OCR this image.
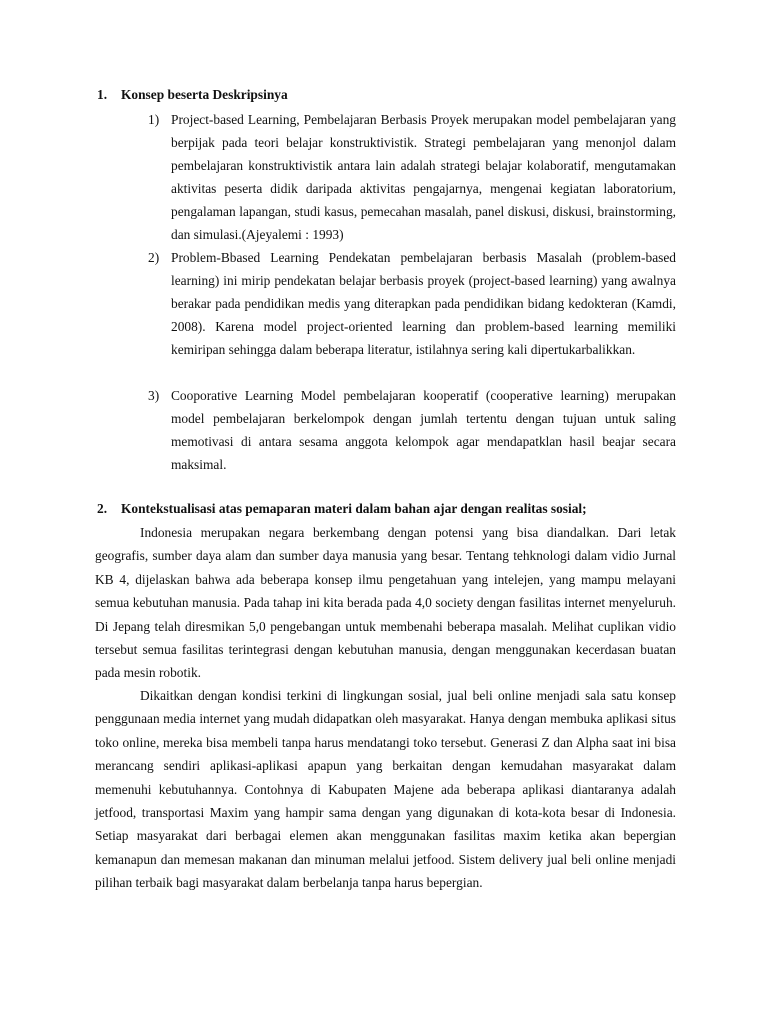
1. Konsep beserta Deskripsinya
1) Project-based Learning, Pembelajaran Berbasis Proyek merupakan model pembelajaran yang berpijak pada teori belajar konstruktivistik. Strategi pembelajaran yang menonjol dalam pembelajaran konstruktivistik antara lain adalah strategi belajar kolaboratif, mengutamakan aktivitas peserta didik daripada aktivitas pengajarnya, mengenai kegiatan laboratorium, pengalaman lapangan, studi kasus, pemecahan masalah, panel diskusi, diskusi, brainstorming, dan simulasi.(Ajeyalemi : 1993)
2) Problem-Bbased Learning Pendekatan pembelajaran berbasis Masalah (problem-based learning) ini mirip pendekatan belajar berbasis proyek (project-based learning) yang awalnya berakar pada pendidikan medis yang diterapkan pada pendidikan bidang kedokteran (Kamdi, 2008). Karena model project-oriented learning dan problem-based learning memiliki kemiripan sehingga dalam beberapa literatur, istilahnya sering kali dipertukarbalikkan.
3) Cooporative Learning Model pembelajaran kooperatif (cooperative learning) merupakan model pembelajaran berkelompok dengan jumlah tertentu dengan tujuan untuk saling memotivasi di antara sesama anggota kelompok agar mendapatklan hasil beajar secara maksimal.
2. Kontekstualisasi atas pemaparan materi dalam bahan ajar dengan realitas sosial;

Indonesia merupakan negara berkembang dengan potensi yang bisa diandalkan. Dari letak geografis, sumber daya alam dan sumber daya manusia yang besar. Tentang tehknologi dalam vidio Jurnal KB 4, dijelaskan bahwa ada beberapa konsep ilmu pengetahuan yang intelejen, yang mampu melayani semua kebutuhan manusia. Pada tahap ini kita berada pada 4,0 society dengan fasilitas internet menyeluruh. Di Jepang telah diresmikan 5,0 pengebangan untuk membenahi beberapa masalah. Melihat cuplikan vidio tersebut semua fasilitas terintegrasi dengan kebutuhan manusia, dengan menggunakan kecerdasan buatan pada mesin robotik.

Dikaitkan dengan kondisi terkini di lingkungan sosial, jual beli online menjadi sala satu konsep penggunaan media internet yang mudah didapatkan oleh masyarakat. Hanya dengan membuka aplikasi situs toko online, mereka bisa membeli tanpa harus mendatangi toko tersebut. Generasi Z dan Alpha saat ini bisa merancang sendiri aplikasi-aplikasi apapun yang berkaitan dengan kemudahan masyarakat dalam memenuhi kebutuhannya. Contohnya di Kabupaten Majene ada beberapa aplikasi diantaranya adalah jetfood, transportasi Maxim yang hampir sama dengan yang digunakan di kota-kota besar di Indonesia. Setiap masyarakat dari berbagai elemen akan menggunakan fasilitas maxim ketika akan bepergian kemanapun dan memesan makanan dan minuman melalui jetfood. Sistem delivery jual beli online menjadi pilihan terbaik bagi masyarakat dalam berbelanja tanpa harus bepergian.
